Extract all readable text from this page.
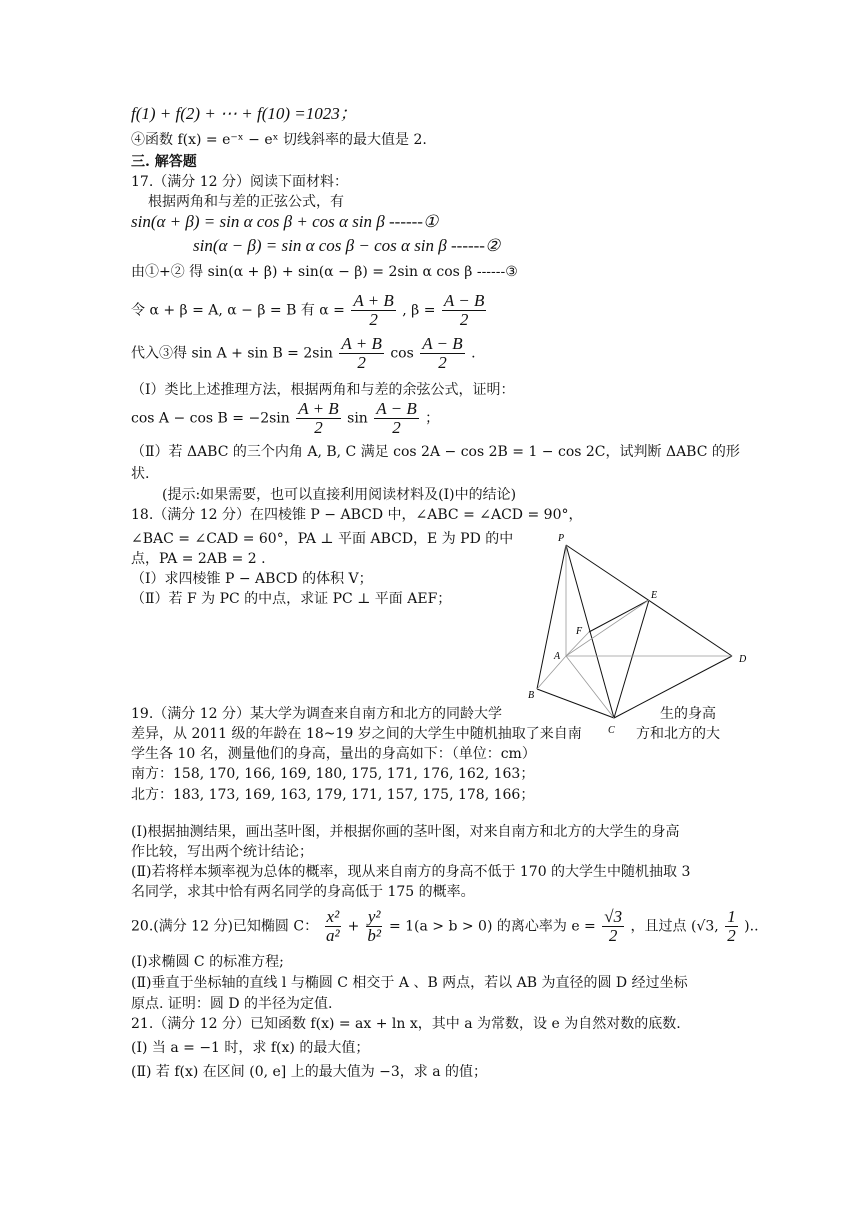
f(1) + f(2) + ⋯ + f(10) =1023；
④函数 f(x) = e⁻ˣ − eˣ 切线斜率的最大值是 2.
三. 解答题
17.（满分 12 分）阅读下面材料：
根据两角和与差的正弦公式，有
sin(α + β) = sin α cos β + cos α sin β ------①
sin(α − β) = sin α cos β − cos α sin β ------②
由①+② 得 sin(α + β) + sin(α − β) = 2sin α cos β ------③
令 α + β = A, α − β = B 有 $\alpha = \frac{A + B}{2}$ , $\beta = \frac{A - B}{2}$
代入③得 $\sin A + \sin B = 2\sin \frac{A + B}{2}$ $\cos \frac{A - B}{2}$ .
（Ⅰ）类比上述推理方法，根据两角和与差的余弦公式，证明：
$\cos A - \cos B = -2\sin \frac{A + B}{2}$ $\sin \frac{A - B}{2}$ ；
（Ⅱ）若 ΔABC 的三个内角 A, B, C 满足 cos 2A − cos 2B = 1 − cos 2C，试判断 ΔABC 的形
状.
(提示:如果需要，也可以直接利用阅读材料及(Ⅰ)中的结论)
18.（满分 12 分）在四棱锥 P − ABCD 中，∠ABC = ∠ACD = 90°，
∠BAC = ∠CAD = 60°，PA ⊥ 平面 ABCD，E 为 PD 的中
点，PA = 2AB = 2 .
（Ⅰ）求四棱锥 P − ABCD 的体积 V；
（Ⅱ）若 F 为 PC 的中点，求证 PC ⊥ 平面 AEF；
P
E
F
A	D
B
C
19.（满分 12 分）某大学为调查来自南方和北方的同龄大学	生的身高
差异，从 2011 级的年龄在 18~19 岁之间的大学生中随机抽取了来自南	方和北方的大
学生各 10 名，测量他们的身高，量出的身高如下：（单位：cm）
南方：158, 170, 166, 169, 180, 175, 171, 176, 162, 163；
北方：183, 173, 169, 163, 179, 171, 157, 175, 178, 166；
(Ⅰ)根据抽测结果，画出茎叶图，并根据你画的茎叶图，对来自南方和北方的大学生的身高
作比较，写出两个统计结论；
(Ⅱ)若将样本频率视为总体的概率，现从来自南方的身高不低于 170 的大学生中随机抽取 3
名同学，求其中恰有两名同学的身高低于 175 的概率。
20.(满分 12 分)已知椭圆 C： $\frac{\text{x²}}{\text{a²}} + \frac{\text{y²}}{\text{b²}} = 1(a > b > 0)$ 的离心率为 $e = \frac{√3}{2}$ ，且过点 (√3, $\frac{1}{2}$ )..
(Ⅰ)求椭圆 C 的标准方程;
(Ⅱ)垂直于坐标轴的直线 l 与椭圆 C 相交于 A 、B 两点，若以 AB 为直径的圆 D 经过坐标
原点. 证明：圆 D 的半径为定值.
21.（满分 12 分）已知函数 f(x) = ax + ln x，其中 a 为常数，设 e 为自然对数的底数.
(Ⅰ) 当 a = −1 时，求 f(x) 的最大值；
(Ⅱ) 若 f(x) 在区间 (0, e] 上的最大值为 −3，求 a 的值；
